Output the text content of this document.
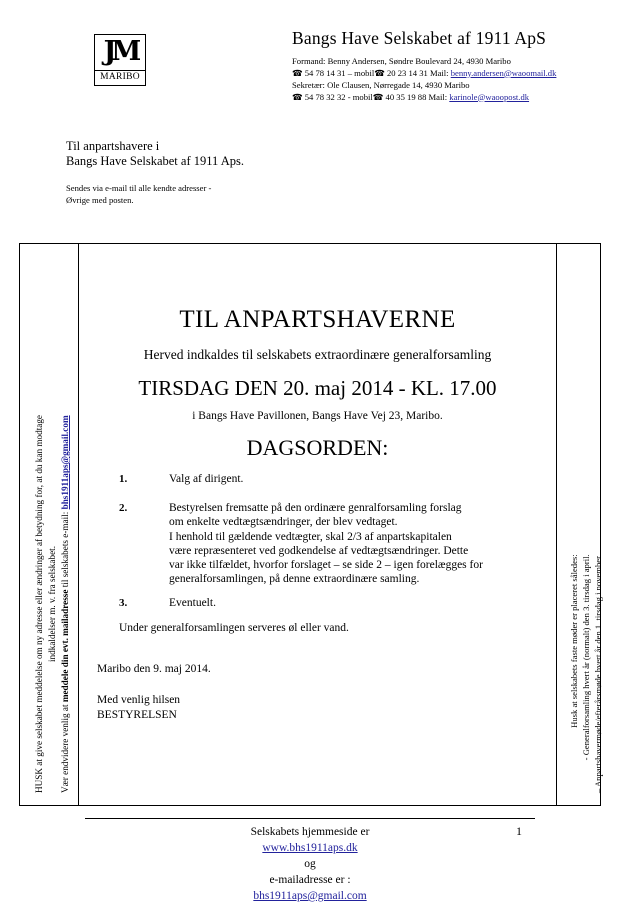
JM
MARIBO
Bangs Have Selskabet af 1911 ApS
Formand: Benny Andersen, Søndre Boulevard 24, 4930 Maribo
☎ 54 78 14 31 – mobil☎ 20 23 14 31 Mail: benny.andersen@waoomail.dk
Sekretær: Ole Clausen, Nørregade 14, 4930 Maribo
☎ 54 78 32 32 - mobil☎ 40 35 19 88 Mail: karinole@waoopost.dk
Til anpartshavere i
Bangs Have Selskabet af 1911 Aps.
Sendes via e-mail til alle kendte adresser -
Øvrige med posten.
HUSK at give selskabet meddelelse om ny adresse eller ændringer af betydning for, at du kan modtage indkaldelser m. v. fra selskabet.
Vær endvidere venlig at meddele din evt. mailadresse til selskabets e-mail: bhs1911aps@gmail.com
Husk at selskabets faste møder er placeret således: - Generalforsamling hvert år (normalt) den 3. tirsdag i april. – Anpartshavermøde/efterårsmøde hvert år den 1. tirsdag i november.
TIL ANPARTSHAVERNE
Herved indkaldes til selskabets extraordinære generalforsamling
TIRSDAG DEN 20. maj 2014 - KL. 17.00
i Bangs Have Pavillonen, Bangs Have Vej 23, Maribo.
DAGSORDEN:
1.	Valg af dirigent.
2.	Bestyrelsen fremsatte på den ordinære genralforsamling forslag
om enkelte vedtægtsændringer, der blev vedtaget.
I henhold til gældende vedtægter, skal 2/3 af anpartskapitalen
være repræsenteret ved godkendelse af vedtægtsændringer. Dette
var ikke tilfældet, hvorfor forslaget – se side 2 – igen forelægges for
generalforsamlingen, på denne extraordinære samling.
3.	Eventuelt.
Under generalforsamlingen serveres øl eller vand.
Maribo den 9. maj 2014.
Med venlig hilsen
BESTYRELSEN
Selskabets hjemmeside er
www.bhs1911aps.dk
og
e-mailadresse er :
bhs1911aps@gmail.com
1
